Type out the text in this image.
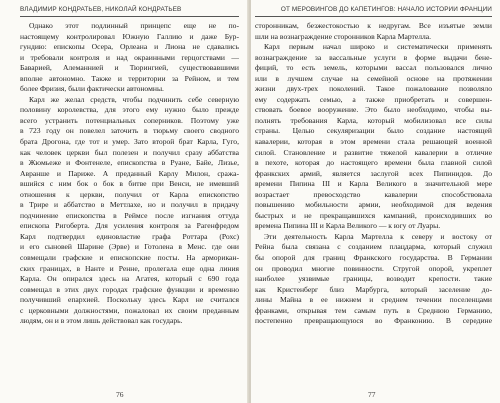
ВЛАДИМИР КОНДРАТЬЕВ, НИКОЛАЙ КОНДРАТЬЕВ
Однако этот подлинный принцепс еще не по-
настоящему контролировал Южную Галлию и даже Бур-
гундию: епископы Осера, Орлеана и Лиона не сдавались
и требовали контроля и над окраинными герцогствами —
Баварией, Алеманнией и Тюрингией, существовавшими
вполне автономно. Также и территории за Рейном, и тем
более Фризия, были фактически автономны.
Карл же желал средств, чтобы подчинить себе северную
половину королевства, для этого ему нужно было прежде
всего устранить потенциальных соперников. Поэтому уже
в 723 году он повелел заточить в тюрьму своего сводного
брата Дрогона, где тот и умер. Зато второй брат Карла, Гуго,
как человек церкви был полезен и получил сразу аббатства
в Жюмьеже и Фонтенеле, епископства в Руане, Байе, Лизье,
Авранше и Париже. А преданный Карлу Милон, сража-
вшийся с ним бок о бок в битве при Венси, не имевший
отношения к церкви, получил от Карла епископство
в Трире и аббатство в Меттлахе, но и получил в придачу
подчинение епископства в Реймсе после изгнания оттуда
епископа Ригоберта. Для усиления контроля за Рагенфредом
Карл подтвердил единовластие графа Роттара (Рохс)
и его сыновей Шарине (Эрве) и Готолена в Менс. где они
совмещали графские и епископские посты. На арморикан-
ских границах, в Нанте и Ренне, пролегала еще одна линия
Карла. Он опирался здесь на Агатея, который с 690 года
совмещал в этих двух городах графские функции и временно
получивший епархией. Поскольку здесь Карл не считался
с церковными должностями, пожаловал их своим преданным
людям, он и в этом лишь действовал как государь.
76
ОТ МЕРОВИНГОВ ДО КАПЕТИНГОВ: НАЧАЛО ИСТОРИИ ФРАНЦИИ
сторонникам, безжестокостью к недругам. Все изъятые земли
шли на вознаграждение сторонников Карла Мартелла.
Карл первым начал широко и систематически применять
вознаграждение за вассальные услуги в форме выдачи бене-
фиций, то есть земель, которыми вассал пользовался лично
или в лучшем случае на семейной основе на протяжении
жизни двух-трех поколений. Такое пожалование позволяло
ему содержать семью, а также приобретать и совершен-
ствовать боевое вооружение. Это было необходимо, чтобы вы-
полнять требования Карла, который мобилизовал все силы
страны. Целью секуляризации было создание настоящей
кавалерии, которая в этом времени стала решающей военной
силой. Становление и развитие тяжелой кавалерии в отличие
в пехоте, которая до настоящего времени была главной силой
франкских армий, является заслугой всех Пипинидов. До
времени Пипина III и Карла Великого в значительной мере
возрастает превосходство кавалерии способствовала
повышению мобильности армии, необходимой для ведения
быстрых и не прекращавшихся кампаний, происходивших во
времена Пипина III и Карла Великого — к югу от Луары.
Эти деятельность Карла Мартелла к северу и востоку от
Рейна была связана с созданием плацдарма, который служил
бы опорой для границ Франкского государства. В Германии
он проводил многие повинности. Стругой опорой, укреплет
наиболее уязвимые границы, возводит крепости. такие
как Кристенберг близ Марбурга, который заселение до-
лины Майна в ее нижнем и среднем течении поселенцами
франками, открывая тем самым путь в Среднюю Германию,
постепенно превращающуюся во Франконию. В середине
77
